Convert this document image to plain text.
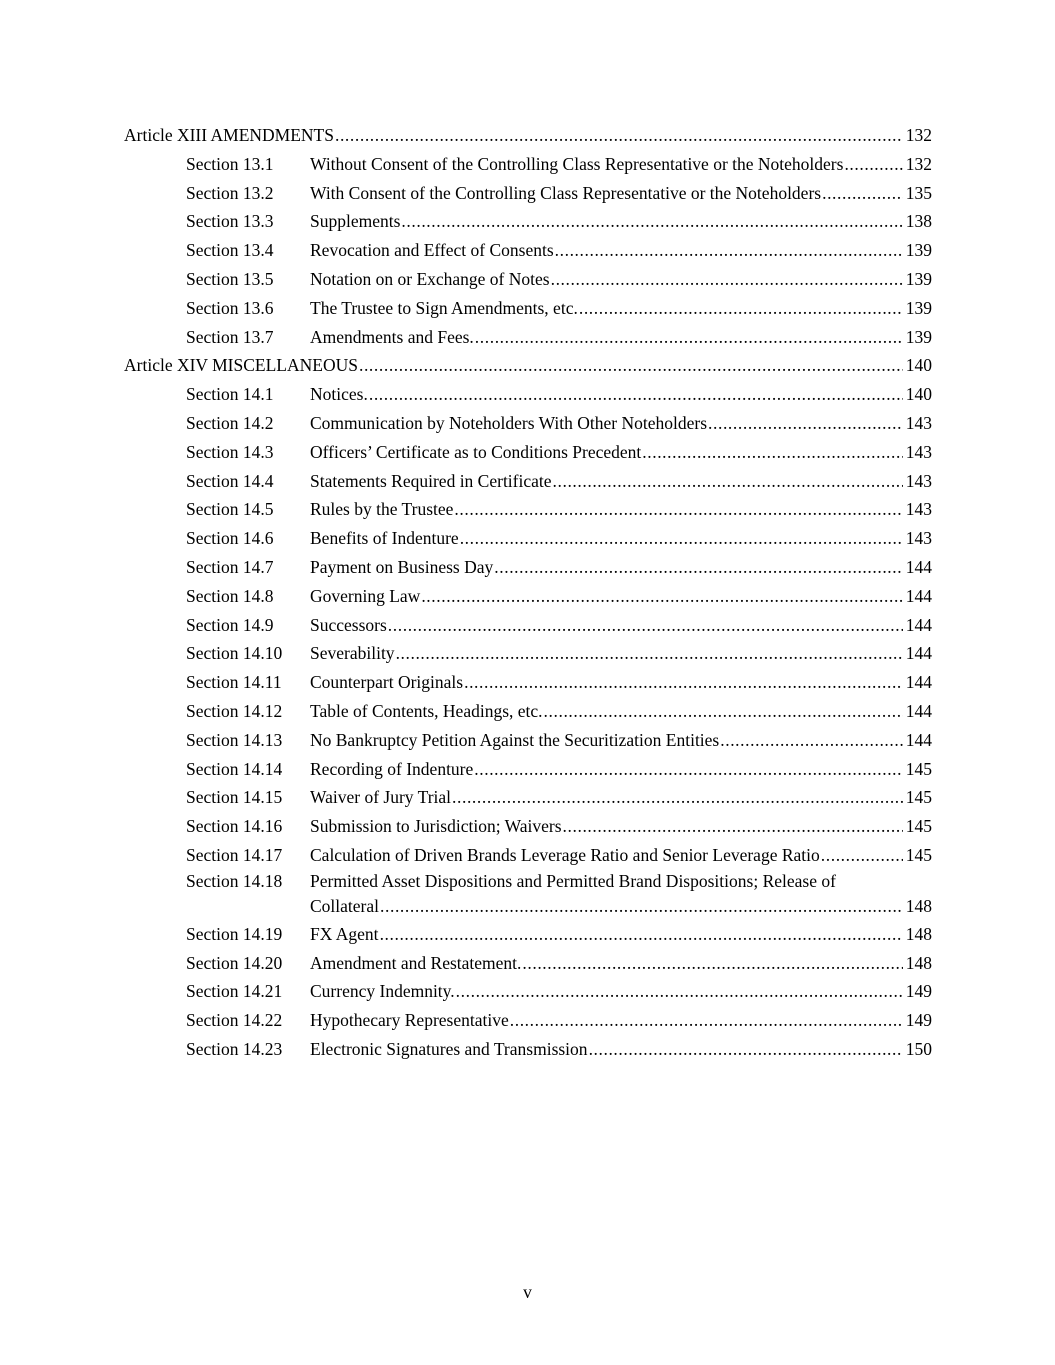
Article XIII AMENDMENTS .....	132
Section 13.1	Without Consent of the Controlling Class Representative or the Noteholders .....	132
Section 13.2	With Consent of the Controlling Class Representative or the Noteholders .....	135
Section 13.3	Supplements .....	138
Section 13.4	Revocation and Effect of Consents .....	139
Section 13.5	Notation on or Exchange of Notes .....	139
Section 13.6	The Trustee to Sign Amendments, etc. .....	139
Section 13.7	Amendments and Fees. .....	139
Article XIV MISCELLANEOUS .....	140
Section 14.1	Notices. .....	140
Section 14.2	Communication by Noteholders With Other Noteholders .....	143
Section 14.3	Officers’ Certificate as to Conditions Precedent .....	143
Section 14.4	Statements Required in Certificate .....	143
Section 14.5	Rules by the Trustee .....	143
Section 14.6	Benefits of Indenture .....	143
Section 14.7	Payment on Business Day .....	144
Section 14.8	Governing Law .....	144
Section 14.9	Successors .....	144
Section 14.10	Severability .....	144
Section 14.11	Counterpart Originals .....	144
Section 14.12	Table of Contents, Headings, etc. .....	144
Section 14.13	No Bankruptcy Petition Against the Securitization Entities .....	144
Section 14.14	Recording of Indenture .....	145
Section 14.15	Waiver of Jury Trial .....	145
Section 14.16	Submission to Jurisdiction; Waivers .....	145
Section 14.17	Calculation of Driven Brands Leverage Ratio and Senior Leverage Ratio .....	145
Section 14.18	Permitted Asset Dispositions and Permitted Brand Dispositions; Release of
Collateral .....	148
Section 14.19	FX Agent .....	148
Section 14.20	Amendment and Restatement. .....	148
Section 14.21	Currency Indemnity. .....	149
Section 14.22	Hypothecary Representative .....	149
Section 14.23	Electronic Signatures and Transmission .....	150
v
